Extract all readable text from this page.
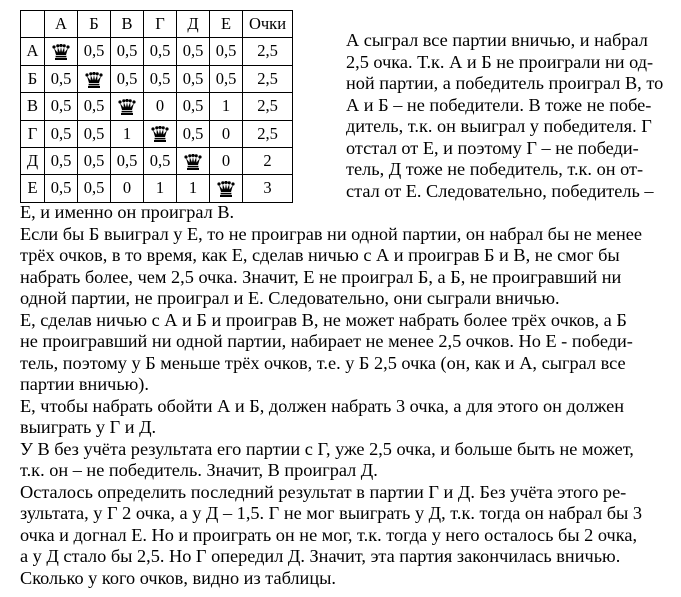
	А	Б	В	Г	Д	Е	Очки
А		0,5	0,5	0,5	0,5	0,5	2,5
Б	0,5		0,5	0,5	0,5	0,5	2,5
В	0,5	0,5		0	0,5	1	2,5
Г	0,5	0,5	1		0,5	0	2,5
Д	0,5	0,5	0,5	0,5		0	2
Е	0,5	0,5	0	1	1		3
А сыграл все партии вничью, и набрал
2,5 очка. Т.к. А и Б не проиграли ни од-
ной партии, а победитель проиграл В, то
А и Б – не победители. В тоже не побе-
дитель, т.к. он выиграл у победителя. Г
отстал от Е, и поэтому Г – не победи-
тель, Д тоже не победитель, т.к. он от-
стал от Е. Следовательно, победитель –
Е, и именно он проиграл В.
Если бы Б выиграл у Е, то не проиграв ни одной партии, он набрал бы не менее
трёх очков, в то время, как Е, сделав ничью с А и проиграв Б и В, не смог бы
набрать более, чем 2,5 очка. Значит, Е не проиграл Б, а Б, не проигравший ни
одной партии, не проиграл и Е. Следовательно, они сыграли вничью.
Е, сделав ничью с А и Б и проиграв В, не может набрать более трёх очков, а Б
не проигравший ни одной партии, набирает не менее 2,5 очков. Но Е - победи-
тель, поэтому у Б меньше трёх очков, т.е. у Б 2,5 очка (он, как и А, сыграл все
партии вничью).
Е, чтобы набрать обойти А и Б, должен набрать 3 очка, а для этого он должен
выиграть у Г и Д.
У В без учёта результата его партии с Г, уже 2,5 очка, и больше быть не может,
т.к. он – не победитель. Значит, В проиграл Д.
Осталось определить последний результат в партии Г и Д. Без учёта этого ре-
зультата, у Г 2 очка, а у Д – 1,5. Г не мог выиграть у Д, т.к. тогда он набрал бы 3
очка и догнал Е. Но и проиграть он не мог, т.к. тогда у него осталось бы 2 очка,
а у Д стало бы 2,5. Но Г опередил Д. Значит, эта партия закончилась вничью.
Сколько у кого очков, видно из таблицы.
